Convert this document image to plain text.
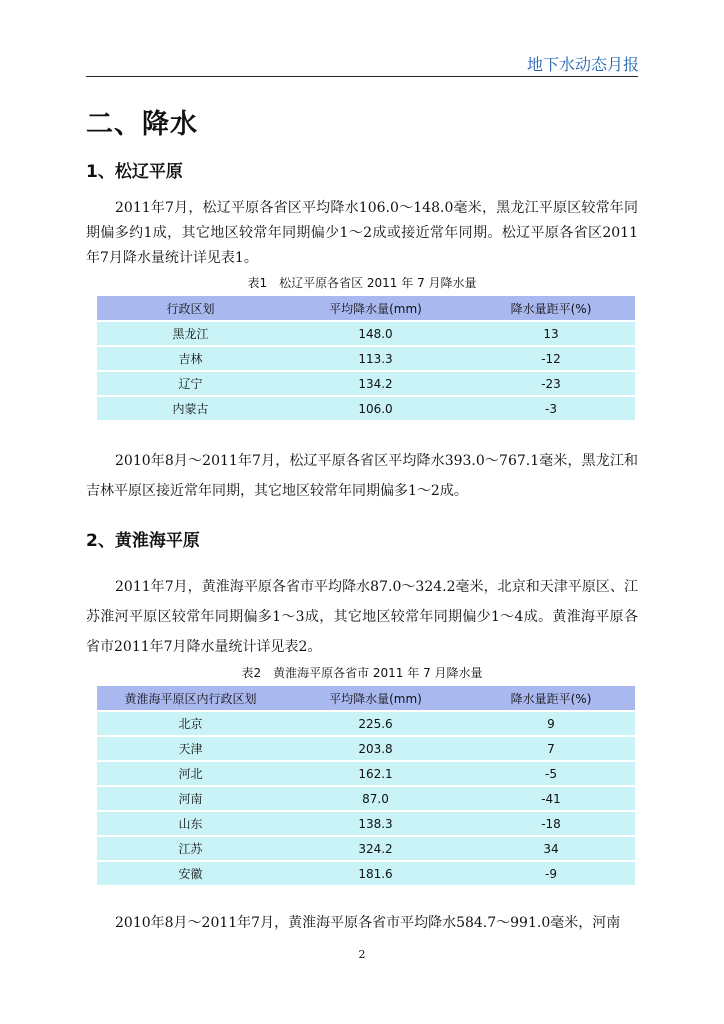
地下水动态月报
二、降水
1、松辽平原
2011年7月，松辽平原各省区平均降水106.0～148.0毫米，黑龙江平原区较常年同期偏多约1成，其它地区较常年同期偏少1～2成或接近常年同期。松辽平原各省区2011年7月降水量统计详见表1。
表1　松辽平原各省区 2011 年 7 月降水量
行政区划	平均降水量(mm)	降水量距平(%)
黑龙江	148.0	13
吉林	113.3	-12
辽宁	134.2	-23
内蒙古	106.0	-3
2010年8月～2011年7月，松辽平原各省区平均降水393.0～767.1毫米，黑龙江和吉林平原区接近常年同期，其它地区较常年同期偏多1～2成。
2、黄淮海平原
2011年7月，黄淮海平原各省市平均降水87.0～324.2毫米，北京和天津平原区、江苏淮河平原区较常年同期偏多1～3成，其它地区较常年同期偏少1～4成。黄淮海平原各省市2011年7月降水量统计详见表2。
表2　黄淮海平原各省市 2011 年 7 月降水量
黄淮海平原区内行政区划	平均降水量(mm)	降水量距平(%)
北京	225.6	9
天津	203.8	7
河北	162.1	-5
河南	87.0	-41
山东	138.3	-18
江苏	324.2	34
安徽	181.6	-9
2010年8月～2011年7月，黄淮海平原各省市平均降水584.7～991.0毫米，河南
2
